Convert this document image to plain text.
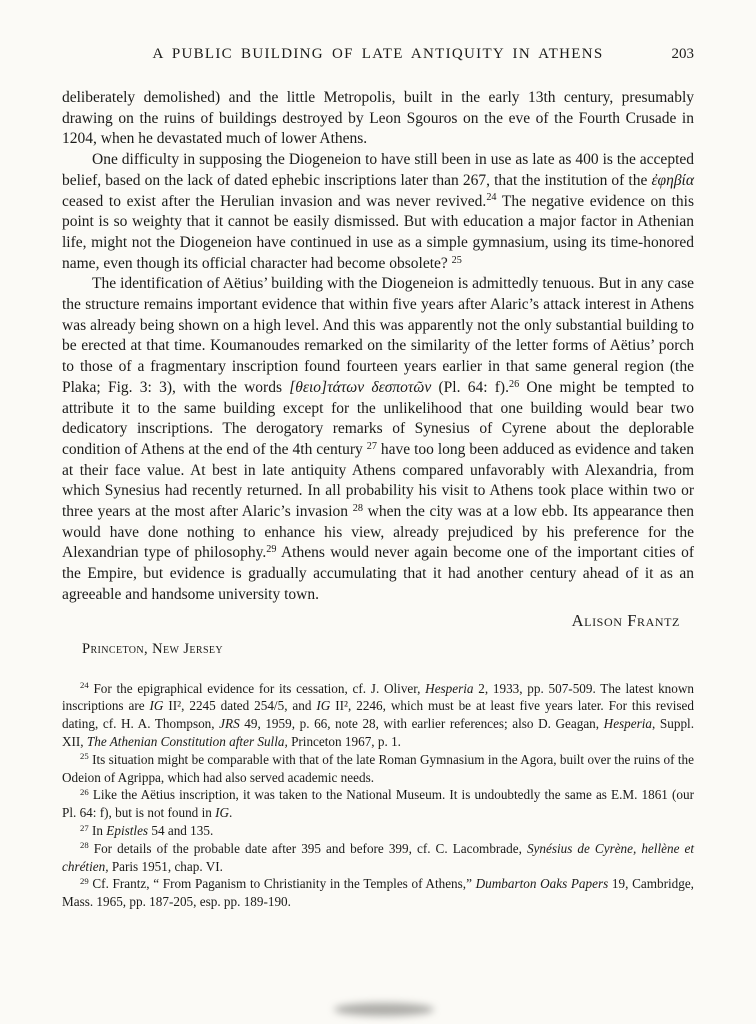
A PUBLIC BUILDING OF LATE ANTIQUITY IN ATHENS	203

deliberately demolished) and the little Metropolis, built in the early 13th century, presumably drawing on the ruins of buildings destroyed by Leon Sgouros on the eve of the Fourth Crusade in 1204, when he devastated much of lower Athens.

One difficulty in supposing the Diogeneion to have still been in use as late as 400 is the accepted belief, based on the lack of dated ephebic inscriptions later than 267, that the institution of the ἐφηβία ceased to exist after the Herulian invasion and was never revived.$^{24}$ The negative evidence on this point is so weighty that it cannot be easily dismissed. But with education a major factor in Athenian life, might not the Diogeneion have continued in use as a simple gymnasium, using its time-honored name, even though its official character had become obsolete? $^{25}$

The identification of Aëtius’ building with the Diogeneion is admittedly tenuous. But in any case the structure remains important evidence that within five years after Alaric’s attack interest in Athens was already being shown on a high level. And this was apparently not the only substantial building to be erected at that time. Koumanoudes remarked on the similarity of the letter forms of Aëtius’ porch to those of a fragmentary inscription found fourteen years earlier in that same general region (the Plaka; Fig. 3: 3), with the words [θειο]τάτων δεσποτῶν (Pl. 64: f).$^{26}$ One might be tempted to attribute it to the same building except for the unlikelihood that one building would bear two dedicatory inscriptions. The derogatory remarks of Synesius of Cyrene about the deplorable condition of Athens at the end of the 4th century $^{27}$ have too long been adduced as evidence and taken at their face value. At best in late antiquity Athens compared unfavorably with Alexandria, from which Synesius had recently returned. In all probability his visit to Athens took place within two or three years at the most after Alaric’s invasion $^{28}$ when the city was at a low ebb. Its appearance then would have done nothing to enhance his view, already prejudiced by his preference for the Alexandrian type of philosophy.$^{29}$ Athens would never again become one of the important cities of the Empire, but evidence is gradually accumulating that it had another century ahead of it as an agreeable and handsome university town.

Alison Frantz
Princeton, New Jersey

$^{24}$ For the epigraphical evidence for its cessation, cf. J. Oliver, Hesperia 2, 1933, pp. 507-509. The latest known inscriptions are IG II², 2245 dated 254/5, and IG II², 2246, which must be at least five years later. For this revised dating, cf. H. A. Thompson, JRS 49, 1959, p. 66, note 28, with earlier references; also D. Geagan, Hesperia, Suppl. XII, The Athenian Constitution after Sulla, Princeton 1967, p. 1.

$^{25}$ Its situation might be comparable with that of the late Roman Gymnasium in the Agora, built over the ruins of the Odeion of Agrippa, which had also served academic needs.

$^{26}$ Like the Aëtius inscription, it was taken to the National Museum. It is undoubtedly the same as E.M. 1861 (our Pl. 64: f), but is not found in IG.

$^{27}$ In Epistles 54 and 135.

$^{28}$ For details of the probable date after 395 and before 399, cf. C. Lacombrade, Synésius de Cyrène, hellène et chrétien, Paris 1951, chap. VI.

$^{29}$ Cf. Frantz, “ From Paganism to Christianity in the Temples of Athens,” Dumbarton Oaks Papers 19, Cambridge, Mass. 1965, pp. 187-205, esp. pp. 189-190.
